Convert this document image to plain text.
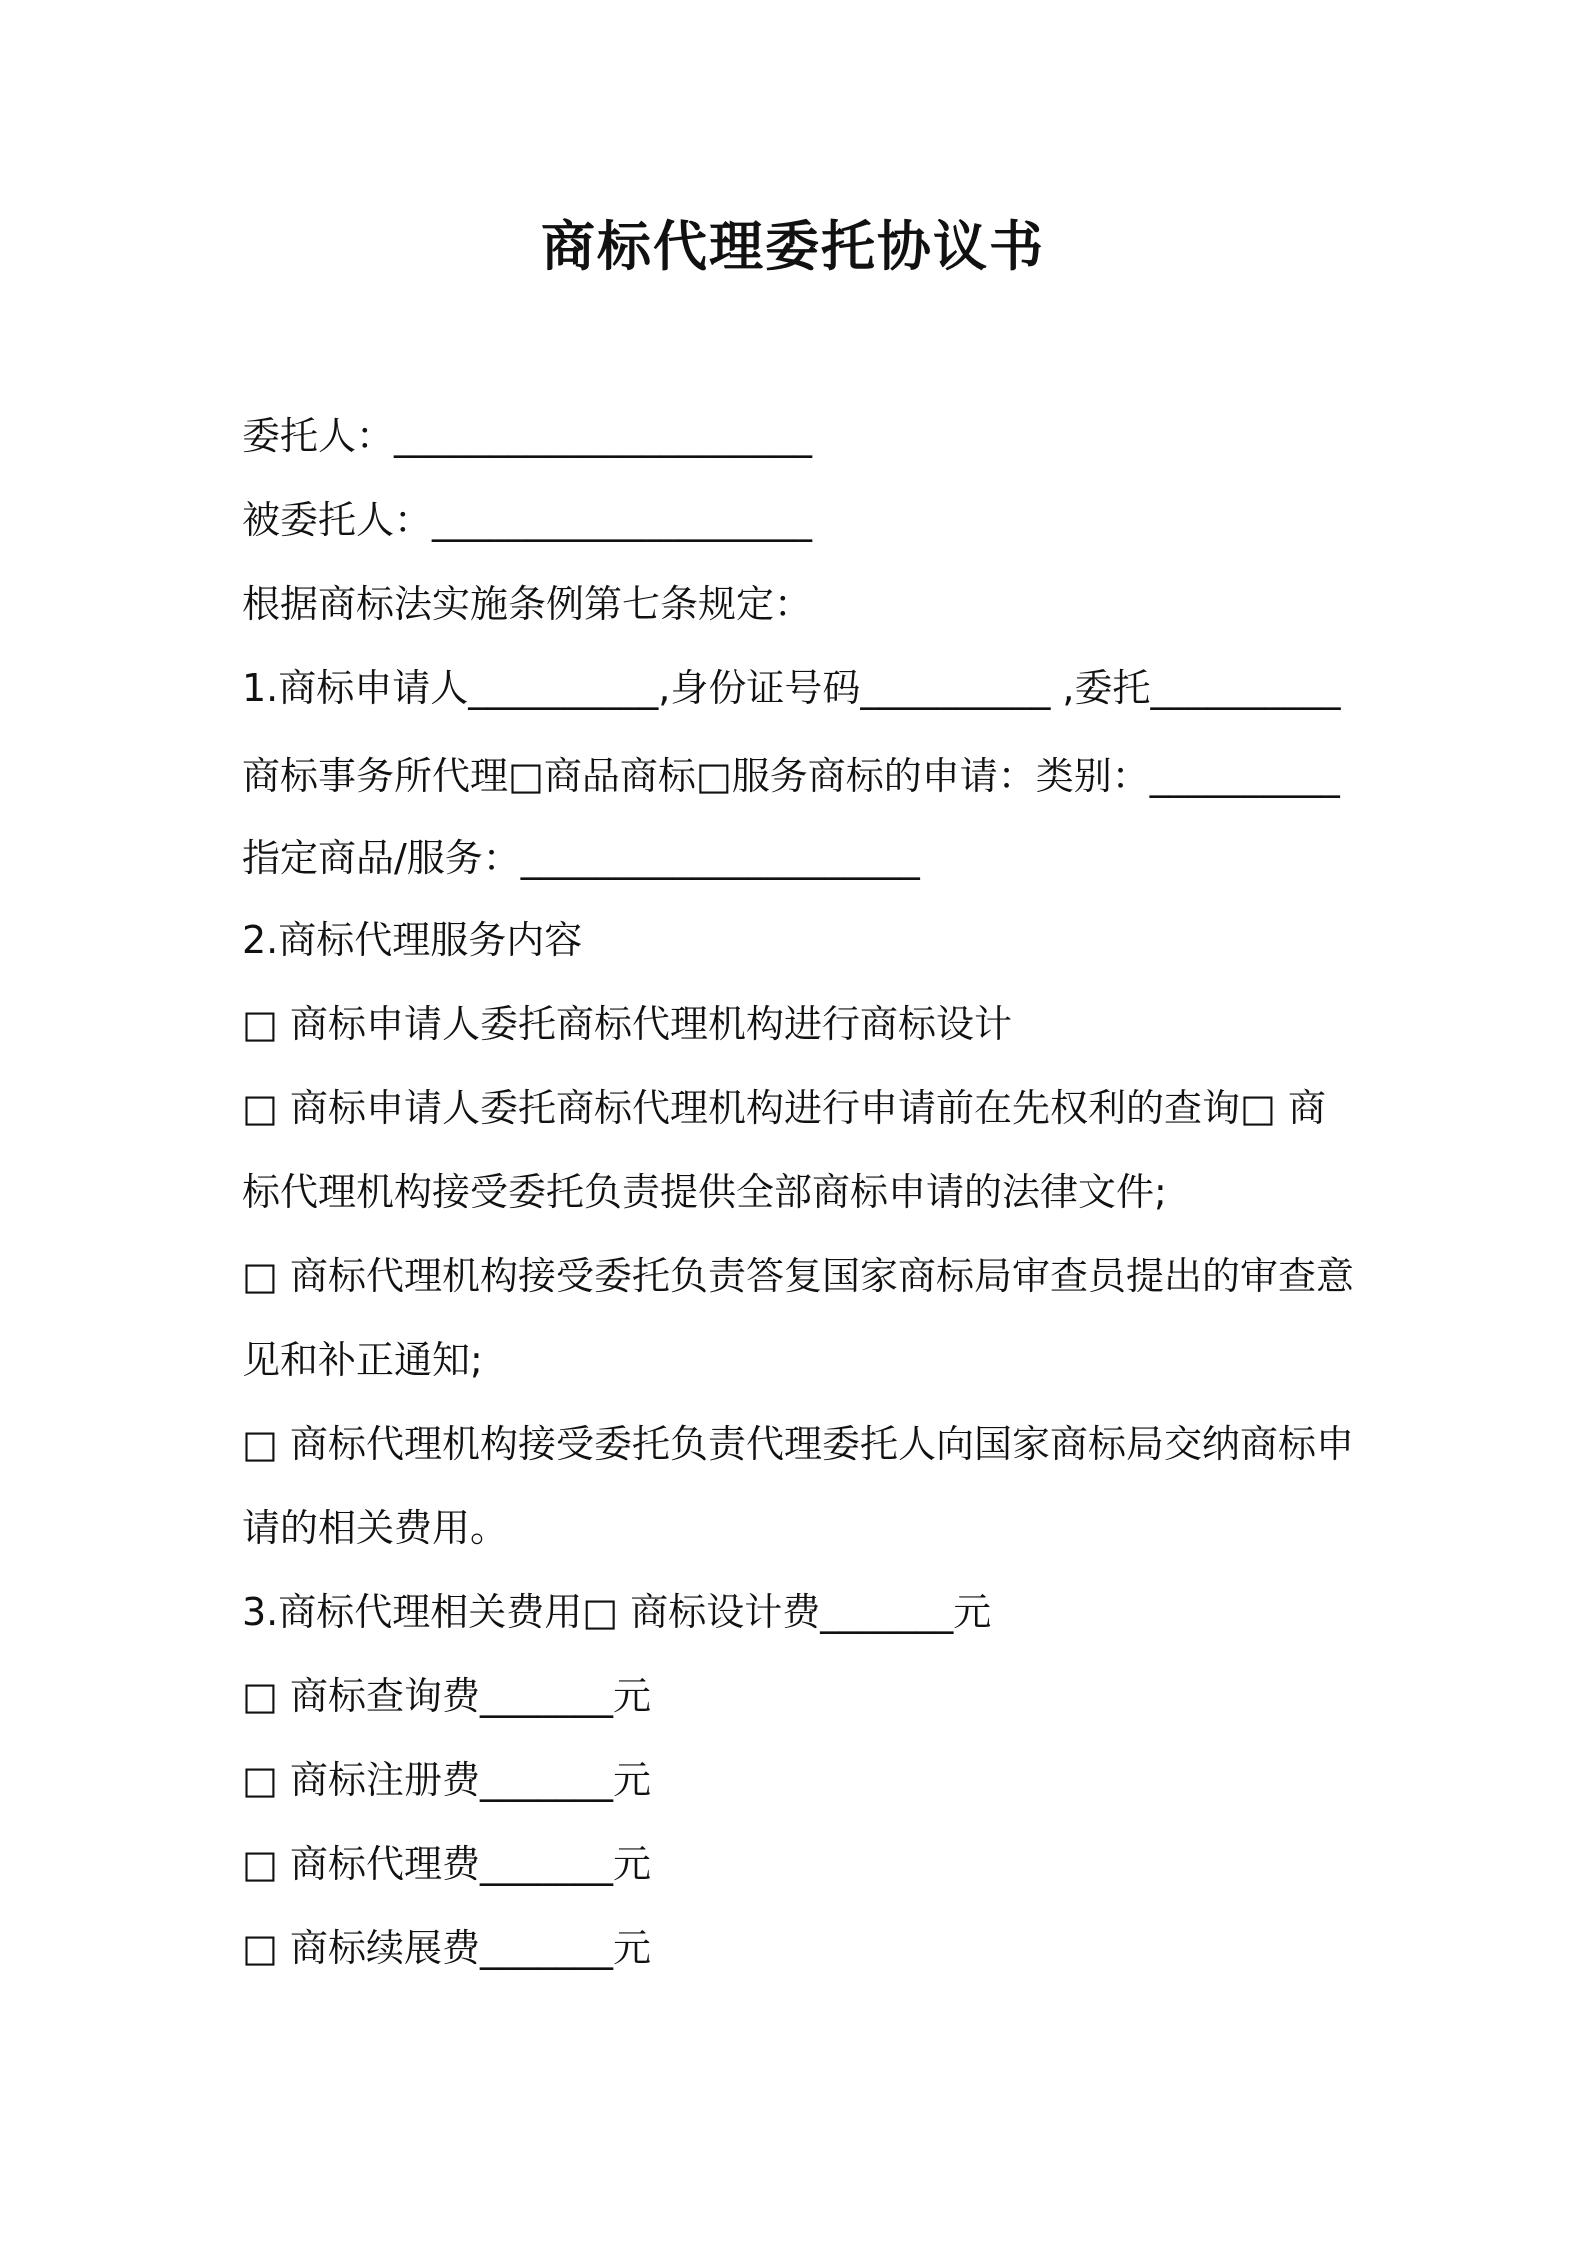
商标代理委托协议书
委托人：______________________
被委托人：____________________
根据商标法实施条例第七条规定：
1.商标申请人__________,身份证号码__________ ,委托__________
商标事务所代理□商品商标□服务商标的申请：类别：__________
指定商品/服务：_____________________
2.商标代理服务内容
□ 商标申请人委托商标代理机构进行商标设计
□ 商标申请人委托商标代理机构进行申请前在先权利的查询□ 商
标代理机构接受委托负责提供全部商标申请的法律文件;
□ 商标代理机构接受委托负责答复国家商标局审查员提出的审查意
见和补正通知;
□ 商标代理机构接受委托负责代理委托人向国家商标局交纳商标申
请的相关费用。
3.商标代理相关费用□ 商标设计费_______元
□ 商标查询费_______元
□ 商标注册费_______元
□ 商标代理费_______元
□ 商标续展费_______元
